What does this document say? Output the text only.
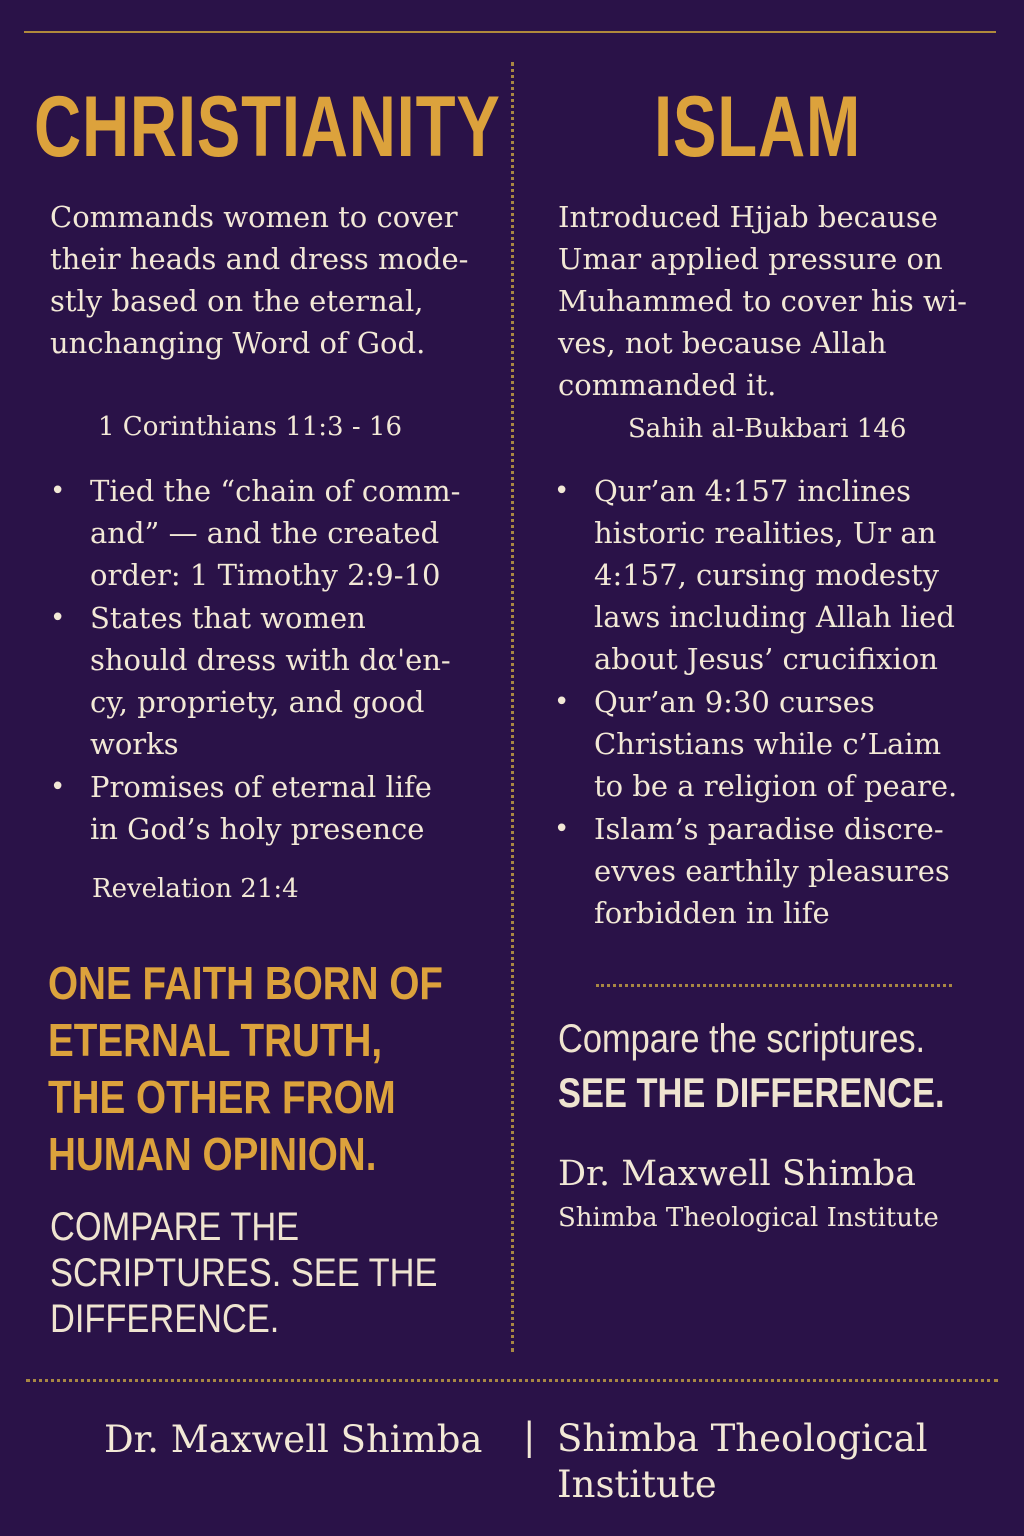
CHRISTIANITY
Commands women to cover
their heads and dress mode-
stly based on the eternal,
unchanging Word of God.
1 Corinthians 11:3 - 16
• Tied the “chain of comm-
and” — and the created
order: 1 Timothy 2:9-10
• States that women
should dress with dα'en-
cy, propriety, and good
works
• Promises of eternal life
in God’s holy presence
Revelation 21:4
ONE FAITH BORN OF
ETERNAL TRUTH,
THE OTHER FROM
HUMAN OPINION.
COMPARE THE
SCRIPTURES. SEE THE
DIFFERENCE.
ISLAM
Introduced Hjjab because
Umar applied pressure on
Muhammed to cover his wi-
ves, not because Allah
commanded it.
Sahih al-Bukbari 146
• Qur’an 4:157 inclines
historic realities, Ur an
4:157, cursing modesty
laws including Allah lied
about Jesus’ crucifixion
• Qur’an 9:30 curses
Christians while c’Laim
to be a religion of peare.
• Islam’s paradise discre-
evves earthily pleasures
forbidden in life
Compare the scriptures.
SEE THE DIFFERENCE.
Dr. Maxwell Shimba
Shimba Theological Institute
Dr. Maxwell Shimba | Shimba Theological
Institute
